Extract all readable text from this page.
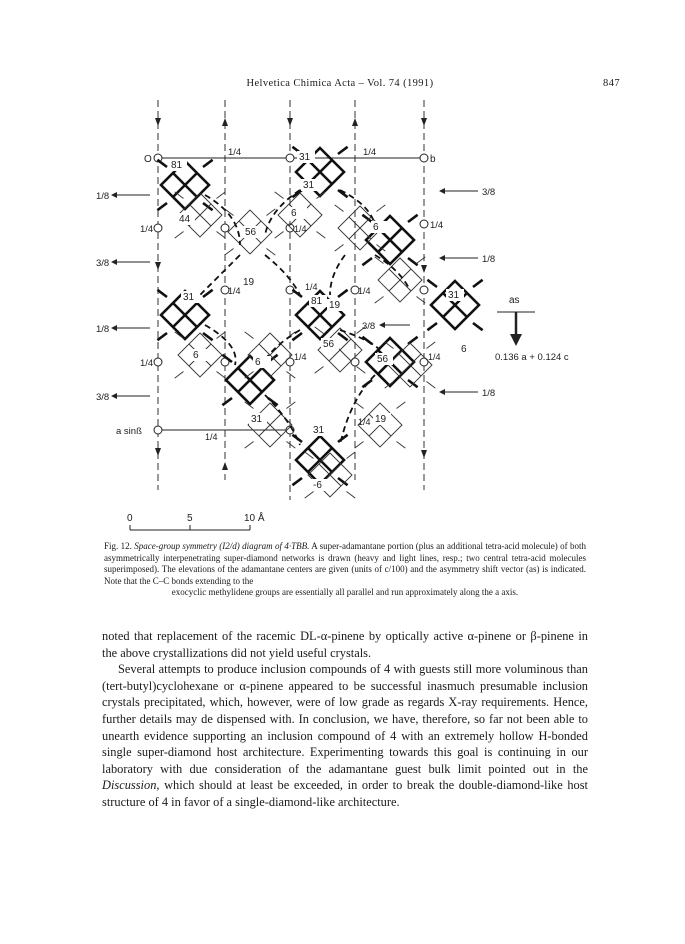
Helvetica Chimica Acta – Vol. 74 (1991)	847
1/4	1/4
b
O
1/8
1/4
3/8
1/8
1/4
3/8
3/8
1/4
1/8
1/8
3/8
1/4
1/4	1/4
1/4	1/4
1/4
1/4
1/4
81
31
44
56
6
6
31
19
81 19
31	31
56
6
6	56
6
31
31
19
-6
as
0.136 a + 0.124 c
a sinß
0	5	10 Å
Fig. 12. Space-group symmetry (I2/d) diagram of 4·TBB. A super-adamantane portion (plus an additional tetra-acid molecule) of both asymmetrically interpenetrating super-diamond networks is drawn (heavy and light lines, resp.; two central tetra-acid molecules superimposed). The elevations of the adamantane centers are given (units of c/100) and the asymmetry shift vector (as) is indicated. Note that the C–C bonds extending to the
exocyclic methylidene groups are essentially all parallel and run approximately along the a axis.

noted that replacement of the racemic DL-α-pinene by optically active α-pinene or β-pinene in the above crystallizations did not yield useful crystals.

Several attempts to produce inclusion compounds of 4 with guests still more voluminous than (tert-butyl)cyclohexane or α-pinene appeared to be successful inasmuch presumable inclusion crystals precipitated, which, however, were of low grade as regards X-ray requirements. Hence, further details may de dispensed with. In conclusion, we have, therefore, so far not been able to unearth evidence supporting an inclusion compound of 4 with an extremely hollow H-bonded single super-diamond host architecture. Experimenting towards this goal is continuing in our laboratory with due consideration of the adamantane guest bulk limit pointed out in the Discussion, which should at least be exceeded, in order to break the double-diamond-like host structure of 4 in favor of a single-diamond-like architecture.
